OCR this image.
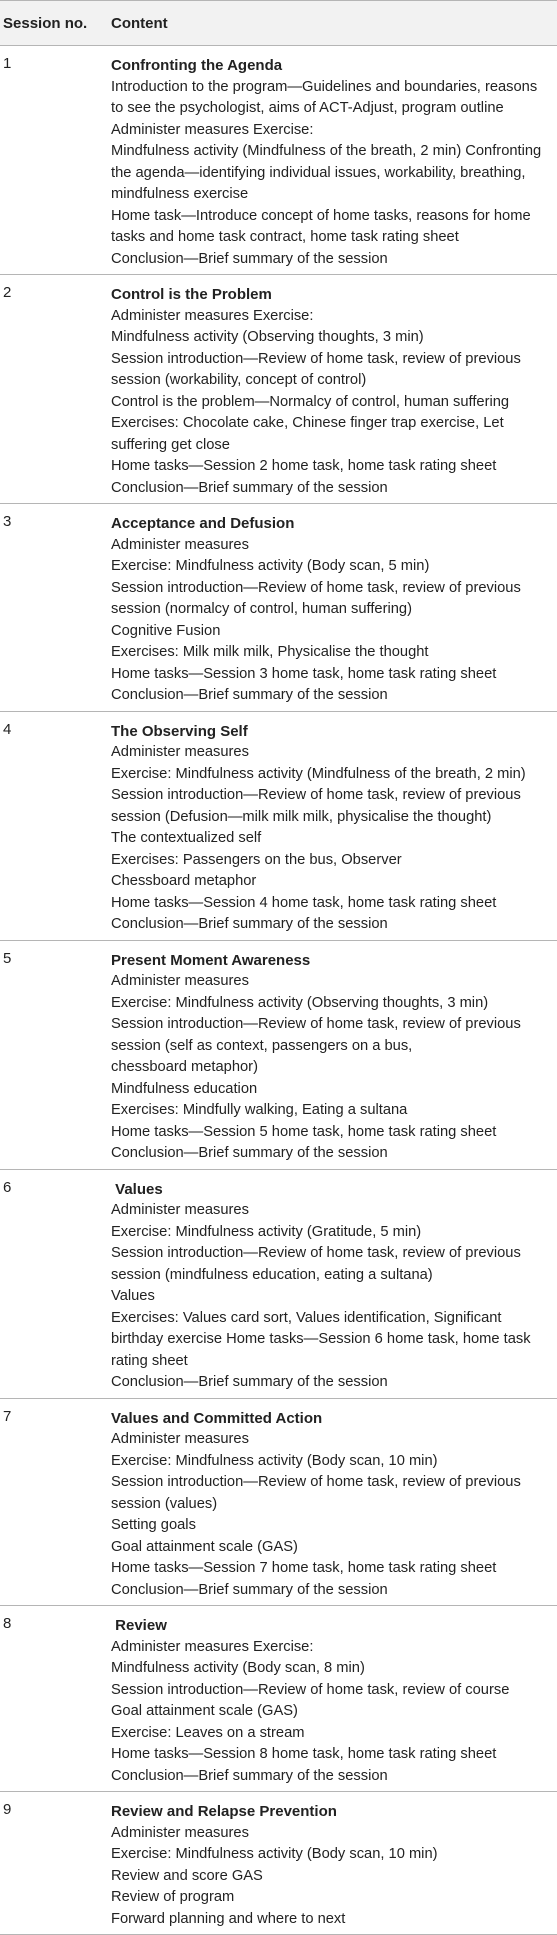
Session no.	Content
1	Confronting the Agenda
Introduction to the program—Guidelines and boundaries, reasons
to see the psychologist, aims of ACT-Adjust, program outline
Administer measures Exercise:
Mindfulness activity (Mindfulness of the breath, 2 min) Confronting
the agenda—identifying individual issues, workability, breathing,
mindfulness exercise
Home task—Introduce concept of home tasks, reasons for home
tasks and home task contract, home task rating sheet
Conclusion—Brief summary of the session
2	Control is the Problem
Administer measures Exercise:
Mindfulness activity (Observing thoughts, 3 min)
Session introduction—Review of home task, review of previous
session (workability, concept of control)
Control is the problem—Normalcy of control, human suffering
Exercises: Chocolate cake, Chinese finger trap exercise, Let
suffering get close
Home tasks—Session 2 home task, home task rating sheet
Conclusion—Brief summary of the session
3	Acceptance and Defusion
Administer measures
Exercise: Mindfulness activity (Body scan, 5 min)
Session introduction—Review of home task, review of previous
session (normalcy of control, human suffering)
Cognitive Fusion
Exercises: Milk milk milk, Physicalise the thought
Home tasks—Session 3 home task, home task rating sheet
Conclusion—Brief summary of the session
4	The Observing Self
Administer measures
Exercise: Mindfulness activity (Mindfulness of the breath, 2 min)
Session introduction—Review of home task, review of previous
session (Defusion—milk milk milk, physicalise the thought)
The contextualized self
Exercises: Passengers on the bus, Observer
Chessboard metaphor
Home tasks—Session 4 home task, home task rating sheet
Conclusion—Brief summary of the session
5	Present Moment Awareness
Administer measures
Exercise: Mindfulness activity (Observing thoughts, 3 min)
Session introduction—Review of home task, review of previous
session (self as context, passengers on a bus,
chessboard metaphor)
Mindfulness education
Exercises: Mindfully walking, Eating a sultana
Home tasks—Session 5 home task, home task rating sheet
Conclusion—Brief summary of the session
6	Values
Administer measures
Exercise: Mindfulness activity (Gratitude, 5 min)
Session introduction—Review of home task, review of previous
session (mindfulness education, eating a sultana)
Values
Exercises: Values card sort, Values identification, Significant
birthday exercise Home tasks—Session 6 home task, home task
rating sheet
Conclusion—Brief summary of the session
7	Values and Committed Action
Administer measures
Exercise: Mindfulness activity (Body scan, 10 min)
Session introduction—Review of home task, review of previous
session (values)
Setting goals
Goal attainment scale (GAS)
Home tasks—Session 7 home task, home task rating sheet
Conclusion—Brief summary of the session
8	Review
Administer measures Exercise:
Mindfulness activity (Body scan, 8 min)
Session introduction—Review of home task, review of course
Goal attainment scale (GAS)
Exercise: Leaves on a stream
Home tasks—Session 8 home task, home task rating sheet
Conclusion—Brief summary of the session
9	Review and Relapse Prevention
Administer measures
Exercise: Mindfulness activity (Body scan, 10 min)
Review and score GAS
Review of program
Forward planning and where to next
